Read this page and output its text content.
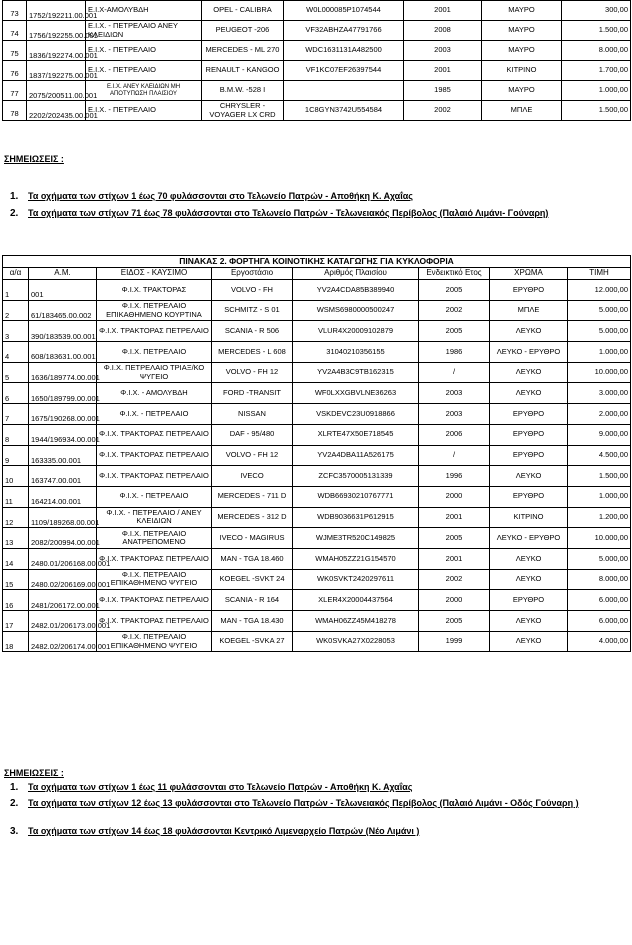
73	1752/192211.00.001	Ε.Ι.Χ-ΑΜΟΛΥΒΔΗ	OPEL - CALIBRA	W0L000085P1074544	2001	ΜΑΥΡΟ	300,00
74	1756/192255.00.001	Ε.Ι.Χ. - ΠΕΤΡΕΛΑΙΟ ΑΝΕΥ ΚΛΕΙΔΙΩΝ	PEUGEOT -206	VF32ABHZA47791766	2008	ΜΑΥΡΟ	1.500,00
75	1836/192274.00.001	Ε.Ι.Χ. - ΠΕΤΡΕΛΑΙΟ	MERCEDES - ML 270	WDC1631131A482500	2003	ΜΑΥΡΟ	8.000,00
76	1837/192275.00.001	Ε.Ι.Χ. - ΠΕΤΡΕΛΑΙΟ	RENAULT - KANGOO	VF1KC07EF26397544	2001	ΚΙΤΡΙΝΟ	1.700,00
77	2075/200511.00.001	Ε.Ι.Χ. ΑΝΕΥ ΚΛΕΙΔΙΩΝ ΜΗ ΑΠΟΤΥΠΩΣΗ ΠΛΑΙΣΙΟΥ	B.M.W. -528 I		1985	ΜΑΥΡΟ	1.000,00
78	2202/202435.00.001	Ε.Ι.Χ. - ΠΕΤΡΕΛΑΙΟ	CHRYSLER - VOYAGER LX CRD	1C8GYN3742U554584	2002	ΜΠΛΕ	1.500,00
ΣΗΜΕΙΩΣΕΙΣ :
1. Τα οχήματα των στίχων 1 έως 70 φυλάσσονται στο Τελωνείο Πατρών - Αποθήκη Κ. Αχαΐας
2. Τα οχήματα των στίχων 71 έως 78 φυλάσσονται στο Τελωνείο Πατρών - Τελωνειακός Περίβολος (Παλαιό Λιμάνι- Γούναρη)
ΠΙΝΑΚΑΣ 2. ΦΟΡΤΗΓΑ ΚΟΙΝΟΤΙΚΗΣ ΚΑΤΑΓΩΓΗΣ ΓΙΑ ΚΥΚΛΟΦΟΡΙΑ							
α/α	Α.Μ.	ΕΙΔΟΣ - ΚΑΥΣΙΜΟ	Εργοστάσιο	Αριθμός Πλαισίου	Ενδεικτικό Ετος	ΧΡΩΜΑ	ΤΙΜΗ
1	001	Φ.Ι.Χ. ΤΡΑΚΤΟΡΑΣ	VOLVO - FH	YV2A4CDA85B389940	2005	ΕΡΥΘΡΟ	12.000,00
2	61/183465.00.002	Φ.Ι.Χ. ΠΕΤΡΕΛΑΙΟ ΕΠΙΚΑΘΗΜΕΝΟ ΚΟΥΡΤΙΝΑ	SCHMITZ - S 01	WSMS6980000500247	2002	ΜΠΛΕ	5.000,00
3	390/183539.00.001	Φ.Ι.Χ. ΤΡΑΚΤΟΡΑΣ ΠΕΤΡΕΛΑΙΟ	SCANIA - R 506	VLUR4X20009102879	2005	ΛΕΥΚΟ	5.000,00
4	608/183631.00.001	Φ.Ι.Χ. ΠΕΤΡΕΛΑΙΟ	MERCEDES - L 608	31040210356155	1986	ΛΕΥΚΟ - ΕΡΥΘΡΟ	1.000,00
5	1636/189774.00.001	Φ.Ι.Χ. ΠΕΤΡΕΛΑΙΟ ΤΡΙΑΞ/ΚΟ ΨΥΓΕΙΟ	VOLVO - FH 12	YV2A4B3C9TB162315	/	ΛΕΥΚΟ	10.000,00
6	1650/189799.00.001	Φ.Ι.Χ. - ΑΜΟΛΥΒΔΗ	FORD -TRANSIT	WF0LXXGBVLNE36263	2003	ΛΕΥΚΟ	3.000,00
7	1675/190268.00.001	Φ.Ι.Χ. - ΠΕΤΡΕΛΑΙΟ	NISSAN	VSKDEVC23U0918866	2003	ΕΡΥΘΡΟ	2.000,00
8	1944/196934.00.001	Φ.Ι.Χ. ΤΡΑΚΤΟΡΑΣ ΠΕΤΡΕΛΑΙΟ	DAF - 95/480	XLRTE47X50E718545	2006	ΕΡΥΘΡΟ	9.000,00
9	163335.00.001	Φ.Ι.Χ. ΤΡΑΚΤΟΡΑΣ ΠΕΤΡΕΛΑΙΟ	VOLVO - FH 12	YV2A4DBA11A526175	/	ΕΡΥΘΡΟ	4.500,00
10	163747.00.001	Φ.Ι.Χ. ΤΡΑΚΤΟΡΑΣ ΠΕΤΡΕΛΑΙΟ	IVECO	ZCFC3570005131339	1996	ΛΕΥΚΟ	1.500,00
11	164214.00.001	Φ.Ι.Χ. - ΠΕΤΡΕΛΑΙΟ	MERCEDES - 711 D	WDB66930210767771	2000	ΕΡΥΘΡΟ	1.000,00
12	1109/189268.00.001	Φ.Ι.Χ. - ΠΕΤΡΕΛΑΙΟ / ΑΝΕΥ ΚΛΕΙΔΙΩΝ	MERCEDES - 312 D	WDB9036631P612915	2001	ΚΙΤΡΙΝΟ	1.200,00
13	2082/200994.00.001	Φ.Ι.Χ. ΠΕΤΡΕΛΑΙΟ ΑΝΑΤΡΕΠΟΜΕΝΟ	IVECO - MAGIRUS	WJME3TR520C149825	2005	ΛΕΥΚΟ - ΕΡΥΘΡΟ	10.000,00
14	2480.01/206168.00.001	Φ.Ι.Χ. ΤΡΑΚΤΟΡΑΣ ΠΕΤΡΕΛΑΙΟ	MAN - TGA 18.460	WMAH05ZZ21G154570	2001	ΛΕΥΚΟ	5.000,00
15	2480.02/206169.00.001	Φ.Ι.Χ. ΠΕΤΡΕΛΑΙΟ ΕΠΙΚΑΘΗΜΕΝΟ ΨΥΓΕΙΟ	KOEGEL -SVKT 24	WK0SVKT2420297611	2002	ΛΕΥΚΟ	8.000,00
16	2481/206172.00.001	Φ.Ι.Χ. ΤΡΑΚΤΟΡΑΣ ΠΕΤΡΕΛΑΙΟ	SCANIA - R 164	XLER4X20004437564	2000	ΕΡΥΘΡΟ	6.000,00
17	2482.01/206173.00.001	Φ.Ι.Χ. ΤΡΑΚΤΟΡΑΣ ΠΕΤΡΕΛΑΙΟ	MAN - TGA 18.430	WMAH06ZZ45M418278	2005	ΛΕΥΚΟ	6.000,00
18	2482.02/206174.00.001	Φ.Ι.Χ. ΠΕΤΡΕΛΑΙΟ ΕΠΙΚΑΘΗΜΕΝΟ ΨΥΓΕΙΟ	KOEGEL -SVKA 27	WK0SVKA27X0228053	1999	ΛΕΥΚΟ	4.000,00
ΣΗΜΕΙΩΣΕΙΣ :
1. Τα οχήματα των στίχων 1 έως 11 φυλάσσονται στο Τελωνείο Πατρών - Αποθήκη Κ. Αχαΐας
2. Τα οχήματα των στίχων 12 έως 13 φυλάσσονται στο Τελωνείο Πατρών - Τελωνειακός Περίβολος (Παλαιό Λιμάνι - Οδός Γούναρη )
3. Τα οχήματα των στίχων 14 έως 18 φυλάσσονται Κεντρικό Λιμεναρχείο Πατρών (Νέο Λιμάνι )
